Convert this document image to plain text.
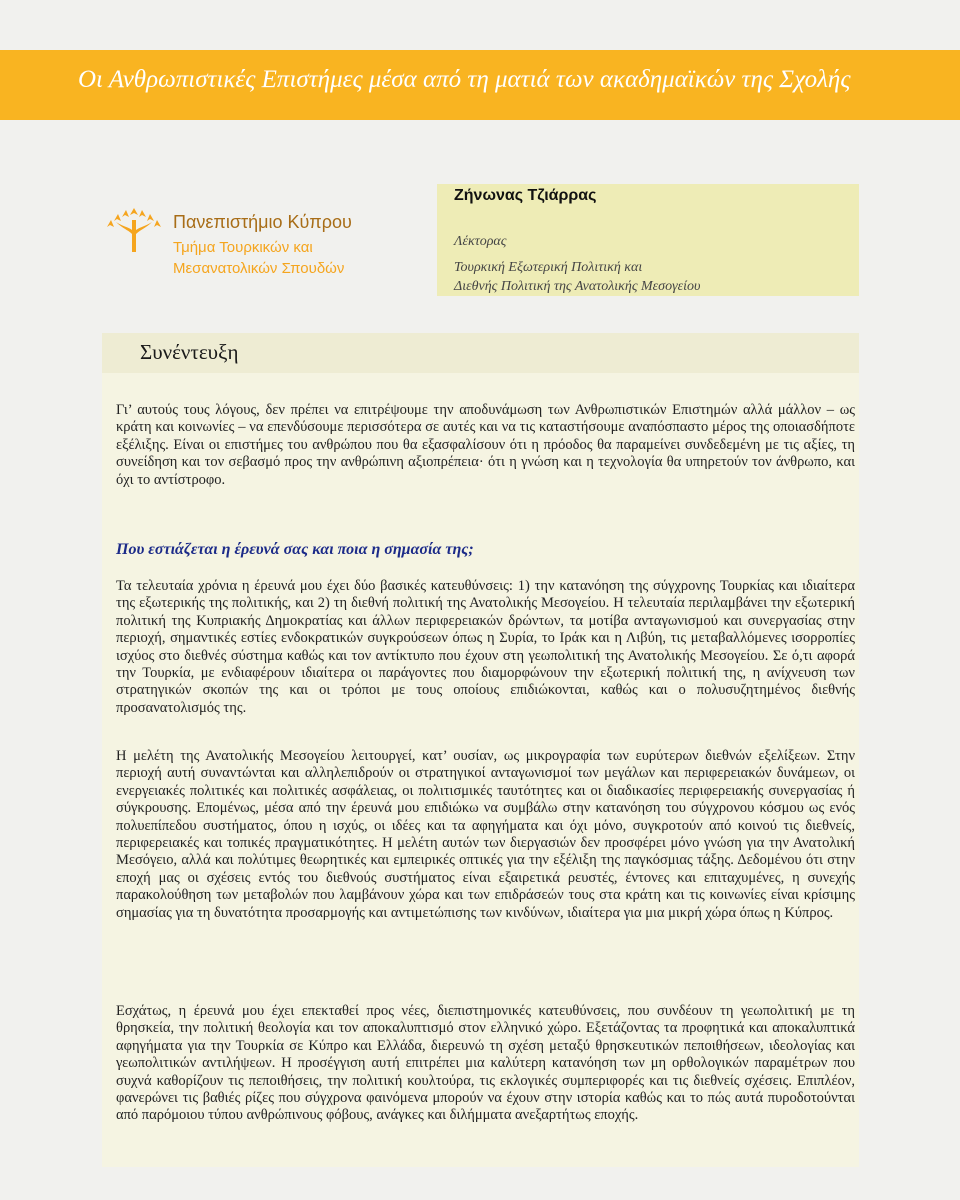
Οι Ανθρωπιστικές Επιστήμες μέσα από τη ματιά των ακαδημαϊκών της Σχολής
Πανεπιστήμιο Κύπρου
Τμήμα Τουρκικών και
Μεσανατολικών Σπουδών
Ζήνωνας Τζιάρρας
Λέκτορας
Τουρκική Εξωτερική Πολιτική και
Διεθνής Πολιτική της Ανατολικής Μεσογείου
Συνέντευξη

Γι’ αυτούς τους λόγους, δεν πρέπει να επιτρέψουμε την αποδυνάμωση των Ανθρωπιστικών Επιστημών αλλά μάλλον – ως κράτη και κοινωνίες – να επενδύσουμε περισσότερα σε αυτές και να τις καταστήσουμε αναπόσπαστο μέρος της οποιασδήποτε εξέλιξης. Είναι οι επιστήμες του ανθρώπου που θα εξασφαλίσουν ότι η πρόοδος θα παραμείνει συνδεδεμένη με τις αξίες, τη συνείδηση και τον σεβασμό προς την ανθρώπινη αξιοπρέπεια· ότι η γνώση και η τεχνολογία θα υπηρετούν τον άνθρωπο, και όχι το αντίστροφο.

Που εστιάζεται η έρευνά σας και ποια η σημασία της;

Τα τελευταία χρόνια η έρευνά μου έχει δύο βασικές κατευθύνσεις: 1) την κατανόηση της σύγχρονης Τουρκίας και ιδιαίτερα της εξωτερικής της πολιτικής, και 2) τη διεθνή πολιτική της Ανατολικής Μεσογείου. Η τελευταία περιλαμβάνει την εξωτερική πολιτική της Κυπριακής Δημοκρατίας και άλλων περιφερειακών δρώντων, τα μοτίβα ανταγωνισμού και συνεργασίας στην περιοχή, σημαντικές εστίες ενδοκρατικών συγκρούσεων όπως η Συρία, το Ιράκ και η Λιβύη, τις μεταβαλλόμενες ισορροπίες ισχύος στο διεθνές σύστημα καθώς και τον αντίκτυπο που έχουν στη γεωπολιτική της Ανατολικής Μεσογείου. Σε ό,τι αφορά την Τουρκία, με ενδιαφέρουν ιδιαίτερα οι παράγοντες που διαμορφώνουν την εξωτερική πολιτική της, η ανίχνευση των στρατηγικών σκοπών της και οι τρόποι με τους οποίους επιδιώκονται, καθώς και ο πολυσυζητημένος διεθνής προσανατολισμός της.

Η μελέτη της Ανατολικής Μεσογείου λειτουργεί, κατ’ ουσίαν, ως μικρογραφία των ευρύτερων διεθνών εξελίξεων. Στην περιοχή αυτή συναντώνται και αλληλεπιδρούν οι στρατηγικοί ανταγωνισμοί των μεγάλων και περιφερειακών δυνάμεων, οι ενεργειακές πολιτικές και πολιτικές ασφάλειας, οι πολιτισμικές ταυτότητες και οι διαδικασίες περιφερειακής συνεργασίας ή σύγκρουσης. Επομένως, μέσα από την έρευνά μου επιδιώκω να συμβάλω στην κατανόηση του σύγχρονου κόσμου ως ενός πολυεπίπεδου συστήματος, όπου η ισχύς, οι ιδέες και τα αφηγήματα και όχι μόνο, συγκροτούν από κοινού τις διεθνείς, περιφερειακές και τοπικές πραγματικότητες. Η μελέτη αυτών των διεργασιών δεν προσφέρει μόνο γνώση για την Ανατολική Μεσόγειο, αλλά και πολύτιμες θεωρητικές και εμπειρικές οπτικές για την εξέλιξη της παγκόσμιας τάξης. Δεδομένου ότι στην εποχή μας οι σχέσεις εντός του διεθνούς συστήματος είναι εξαιρετικά ρευστές, έντονες και επιταχυμένες, η συνεχής παρακολούθηση των μεταβολών που λαμβάνουν χώρα και των επιδράσεών τους στα κράτη και τις κοινωνίες είναι κρίσιμης σημασίας για τη δυνατότητα προσαρμογής και αντιμετώπισης των κινδύνων, ιδιαίτερα για μια μικρή χώρα όπως η Κύπρος.

Εσχάτως, η έρευνά μου έχει επεκταθεί προς νέες, διεπιστημονικές κατευθύνσεις, που συνδέουν τη γεωπολιτική με τη θρησκεία, την πολιτική θεολογία και τον αποκαλυπτισμό στον ελληνικό χώρο. Εξετάζοντας τα προφητικά και αποκαλυπτικά αφηγήματα για την Τουρκία σε Κύπρο και Ελλάδα, διερευνώ τη σχέση μεταξύ θρησκευτικών πεποιθήσεων, ιδεολογίας και γεωπολιτικών αντιλήψεων. Η προσέγγιση αυτή επιτρέπει μια καλύτερη κατανόηση των μη ορθολογικών παραμέτρων που συχνά καθορίζουν τις πεποιθήσεις, την πολιτική κουλτούρα, τις εκλογικές συμπεριφορές και τις διεθνείς σχέσεις. Επιπλέον, φανερώνει τις βαθιές ρίζες που σύγχρονα φαινόμενα μπορούν να έχουν στην ιστορία καθώς και το πώς αυτά πυροδοτούνται από παρόμοιου τύπου ανθρώπινους φόβους, ανάγκες και διλήμματα ανεξαρτήτως εποχής.
